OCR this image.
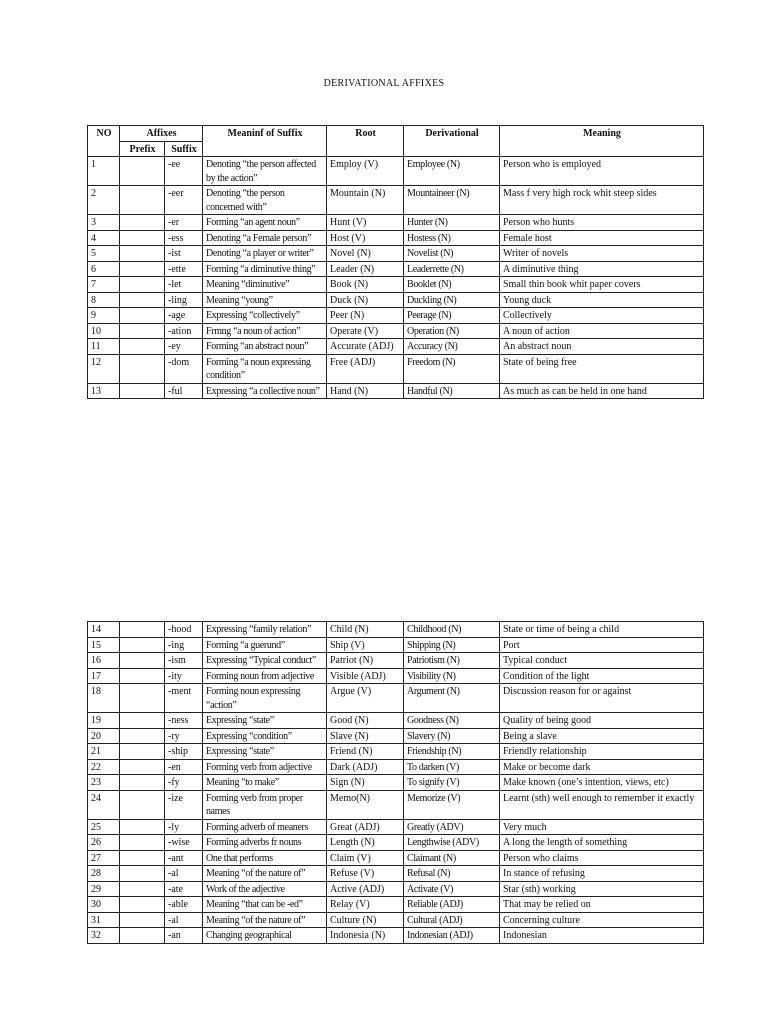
DERIVATIONAL AFFIXES
NO	Affixes		Meaninf of Suffix	Root	Derivational	Meaning
	Prefix	Suffix				
1		-ee	Denoting “the person affected by the action”	Employ (V)	Employee (N)	Person who is employed
2		-eer	Denoting “the person concerned with”	Mountain (N)	Mountaineer (N)	Mass f very high rock whit steep sides
3		-er	Forming “an agent noun”	Hunt (V)	Hunter (N)	Person who hunts
4		-ess	Denoting “a Female person”	Host (V)	Hostess (N)	Female host
5		-ist	Denoting “a player or writer”	Novel (N)	Novelist (N)	Writer of novels
6		-ette	Forming “a diminutive thing”	Leader (N)	Leaderrette (N)	A diminutive thing
7		-let	Meaning “diminutive”	Book (N)	Booklet (N)	Small thin book whit paper covers
8		-ling	Meaning “young”	Duck (N)	Duckling (N)	Young duck
9		-age	Expressing “collectively”	Peer (N)	Peerage (N)	Collectively
10		-ation	Frmng “a noun of action”	Operate (V)	Operation (N)	A noun of action
11		-ey	Forming “an abstract noun”	Accurate (ADJ)	Accuracy (N)	An abstract noun
12		-dom	Forming “a noun expressing condition”	Free (ADJ)	Freedom (N)	State of being free
13		-ful	Expressing “a collective noun”	Hand (N)	Handful (N)	As much as can be held in one hand
14		-hood	Expressing “family relation”	Child (N)	Childhood (N)	State or time of being a child
15		-ing	Forming “a guerund”	Ship (V)	Shipping (N)	Port
16		-ism	Expressing “Typical conduct”	Patriot (N)	Patriotism (N)	Typical conduct
17		-ity	Forming noun from adjective	Visible (ADJ)	Visibility (N)	Condition of the light
18		-ment	Forming noun expressing “action”	Argue (V)	Argument (N)	Discussion reason for or against
19		-ness	Expressing “state”	Good (N)	Goodness (N)	Quality of being good
20		-ry	Expressing “condition”	Slave (N)	Slavery (N)	Being a slave
21		-ship	Expressing “state”	Friend (N)	Friendship (N)	Friendly relationship
22		-en	Forming verb from adjective	Dark (ADJ)	To darken (V)	Make or become dark
23		-fy	Meaning “to make”	Sign (N)	To signify (V)	Make known (one’s intention, views, etc)
24		-ize	Forming verb from proper names	Memo(N)	Memorize (V)	Learnt (sth) well enough to remember it exactly
25		-ly	Forming adverb of meaners	Great (ADJ)	Greatly (ADV)	Very much
26		-wise	Forming adverbs fr nouns	Length (N)	Lengthwise (ADV)	A long the length of something
27		-ant	One that performs	Claim (V)	Claimant (N)	Person who claims
28		-al	Meaning “of the nature of”	Refuse (V)	Refusal (N)	In stance of refusing
29		-ate	Work of the adjective	Active (ADJ)	Activate (V)	Star (sth) working
30		-able	Meaning “that can be -ed”	Relay (V)	Reliable (ADJ)	That may be relied on
31		-al	Meaning “of the nature of”	Culture (N)	Cultural (ADJ)	Concerning culture
32		-an	Changing geographical	Indonesia (N)	Indonesian (ADJ)	Indonesian
